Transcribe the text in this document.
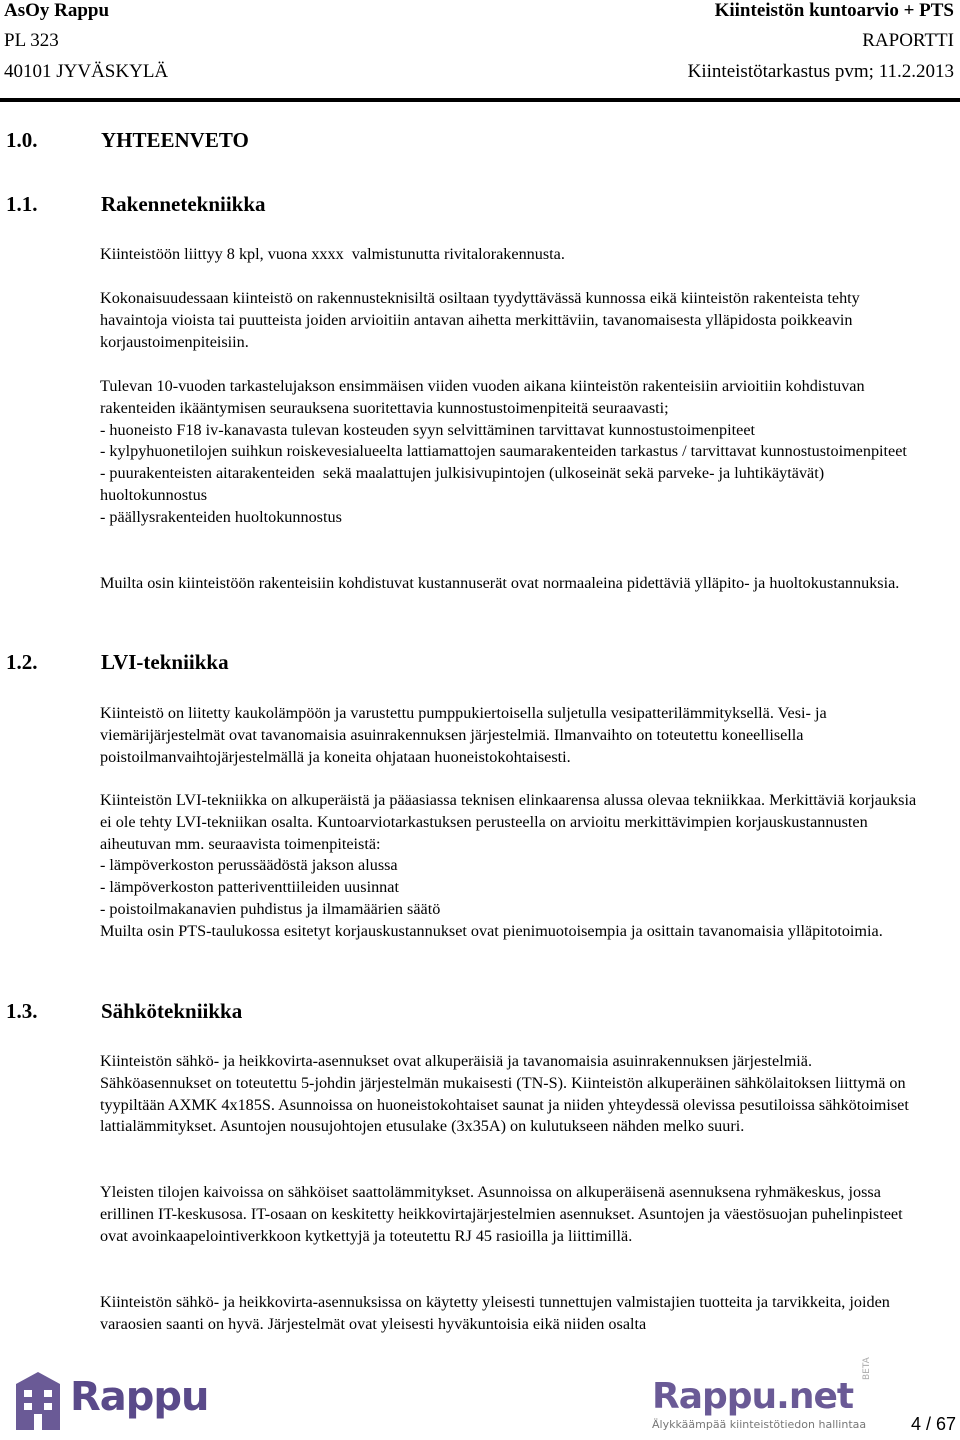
AsOy Rappu
PL 323
40101 JYVÄSKYLÄ
Kiinteistön kuntoarvio + PTS
RAPORTTI
Kiinteistötarkastus pvm; 11.2.2013
1.0.	YHTEENVETO
1.1.	Rakennetekniikka

Kiinteistöön liittyy 8 kpl, vuona xxxx  valmistunutta rivitalorakennusta.

Kokonaisuudessaan kiinteistö on rakennusteknisiltä osiltaan tyydyttävässä kunnossa eikä kiinteistön rakenteista tehty havaintoja vioista tai puutteista joiden arvioitiin antavan aihetta merkittäviin, tavanomaisesta ylläpidosta poikkeavin korjaustoimenpiteisiin.

Tulevan 10-vuoden tarkastelujakson ensimmäisen viiden vuoden aikana kiinteistön rakenteisiin arvioitiin kohdistuvan rakenteiden ikääntymisen seurauksena suoritettavia kunnostustoimenpiteitä seuraavasti;
- huoneisto F18 iv-kanavasta tulevan kosteuden syyn selvittäminen tarvittavat kunnostustoimenpiteet
- kylpyhuonetilojen suihkun roiskevesialueelta lattiamattojen saumarakenteiden tarkastus / tarvittavat kunnostustoimenpiteet
- puurakenteisten aitarakenteiden  sekä maalattujen julkisivupintojen (ulkoseinät sekä parveke- ja luhtikäytävät) huoltokunnostus
- päällysrakenteiden huoltokunnostus

Muilta osin kiinteistöön rakenteisiin kohdistuvat kustannuserät ovat normaaleina pidettäviä ylläpito- ja huoltokustannuksia.

1.2.	LVI-tekniikka

Kiinteistö on liitetty kaukolämpöön ja varustettu pumppukiertoisella suljetulla vesipatterilämmityksellä. Vesi- ja viemärijärjestelmät ovat tavanomaisia asuinrakennuksen järjestelmiä. Ilmanvaihto on toteutettu koneellisella poistoilmanvaihtojärjestelmällä ja koneita ohjataan huoneistokohtaisesti.

Kiinteistön LVI-tekniikka on alkuperäistä ja pääasiassa teknisen elinkaarensa alussa olevaa tekniikkaa. Merkittäviä korjauksia ei ole tehty LVI-tekniikan osalta. Kuntoarviotarkastuksen perusteella on arvioitu merkittävimpien korjauskustannusten aiheutuvan mm. seuraavista toimenpiteistä:
- lämpöverkoston perussäädöstä jakson alussa
- lämpöverkoston patteriventtiileiden uusinnat
- poistoilmakanavien puhdistus ja ilmamäärien säätö
Muilta osin PTS-taulukossa esitetyt korjauskustannukset ovat pienimuotoisempia ja osittain tavanomaisia ylläpitotoimia.

1.3.	Sähkötekniikka

Kiinteistön sähkö- ja heikkovirta-asennukset ovat alkuperäisiä ja tavanomaisia asuinrakennuksen järjestelmiä. Sähköasennukset on toteutettu 5-johdin järjestelmän mukaisesti (TN-S). Kiinteistön alkuperäinen sähkölaitoksen liittymä on tyypiltään AXMK 4x185S. Asunnoissa on huoneistokohtaiset saunat ja niiden yhteydessä olevissa pesutiloissa sähkötoimiset lattialämmitykset. Asuntojen nousujohtojen etusulake (3x35A) on kulutukseen nähden melko suuri.

Yleisten tilojen kaivoissa on sähköiset saattolämmitykset. Asunnoissa on alkuperäisenä asennuksena ryhmäkeskus, jossa erillinen IT-keskusosa. IT-osaan on keskitetty heikkovirtajärjestelmien asennukset. Asuntojen ja väestösuojan puhelinpisteet ovat avoinkaapelointiverkkoon kytkettyjä ja toteutettu RJ 45 rasioilla ja liittimillä.

Kiinteistön sähkö- ja heikkovirta-asennuksissa on käytetty yleisesti tunnettujen valmistajien tuotteita ja tarvikkeita, joiden varaosien saanti on hyvä. Järjestelmät ovat yleisesti hyväkuntoisia eikä niiden osalta

Rappu	Rappu.net
Älykkäämpää kiinteistötiedon hallintaa
BETA
4 / 67
